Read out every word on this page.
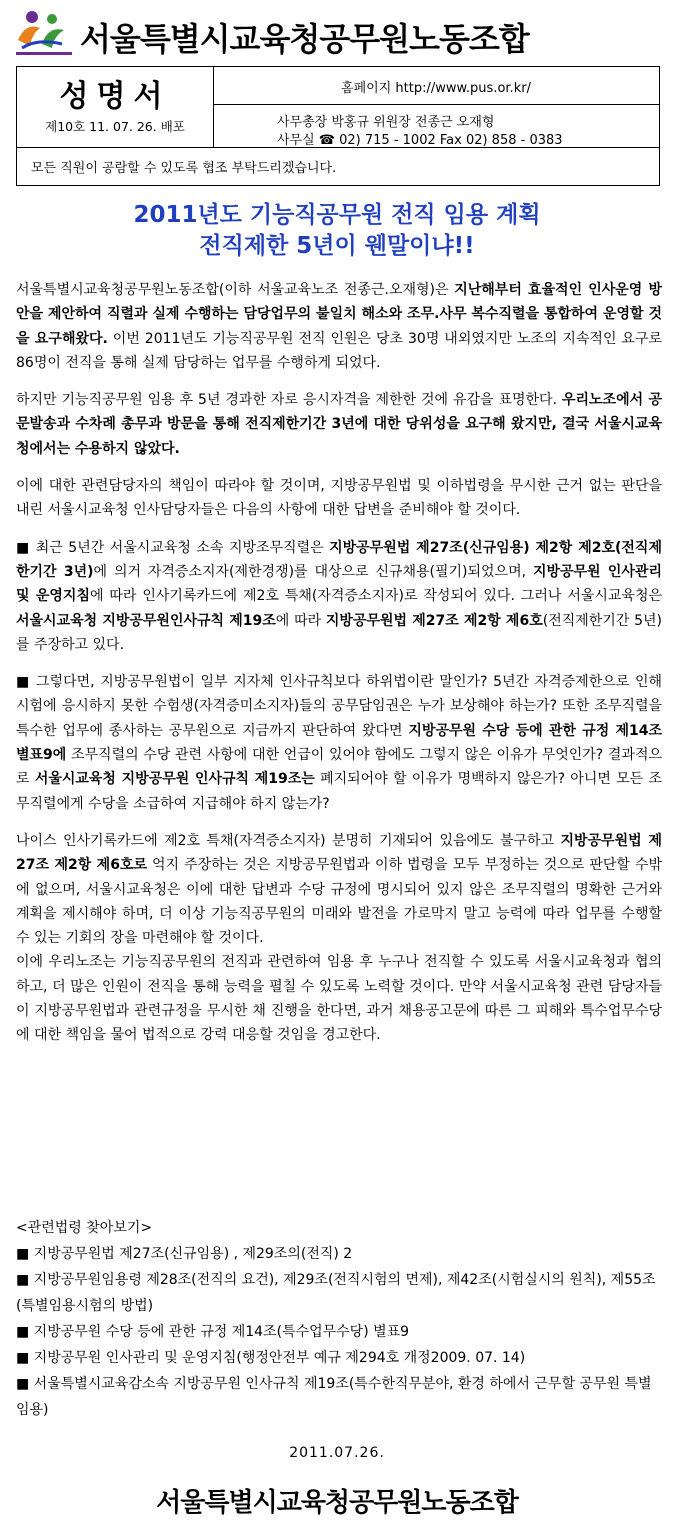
서울특별시교육청공무원노동조합
성명서
제10호 11. 07. 26. 배포
홈페이지 http://www.pus.or.kr/
사무총장 박홍규 위원장 전종근 오재형
사무실 ☎ 02) 715 - 1002 Fax 02) 858 - 0383
모든 직원이 공람할 수 있도록 협조 부탁드리겠습니다.
2011년도 기능직공무원 전직 임용 계획
전직제한 5년이 웬말이냐!!

서울특별시교육청공무원노동조합(이하 서울교육노조 전종근.오재형)은 지난해부터 효율적인 인사운영 방안을 제안하여 직렬과 실제 수행하는 담당업무의 불일치 해소와 조무.사무 복수직렬을 통합하여 운영할 것을 요구해왔다. 이번 2011년도 기능직공무원 전직 인원은 당초 30명 내외였지만 노조의 지속적인 요구로 86명이 전직을 통해 실제 담당하는 업무를 수행하게 되었다.

하지만 기능직공무원 임용 후 5년 경과한 자로 응시자격을 제한한 것에 유감을 표명한다. 우리노조에서 공문발송과 수차례 총무과 방문을 통해 전직제한기간 3년에 대한 당위성을 요구해 왔지만, 결국 서울시교육청에서는 수용하지 않았다.

이에 대한 관련담당자의 책임이 따라야 할 것이며, 지방공무원법 및 이하법령을 무시한 근거 없는 판단을 내린 서울시교육청 인사담당자들은 다음의 사항에 대한 답변을 준비해야 할 것이다.

■ 최근 5년간 서울시교육청 소속 지방조무직렬은 지방공무원법 제27조(신규임용) 제2항 제2호(전직제한기간 3년)에 의거 자격증소지자(제한경쟁)를 대상으로 신규채용(필기)되었으며, 지방공무원 인사관리 및 운영지침에 따라 인사기록카드에 제2호 특채(자격증소지자)로 작성되어 있다. 그러나 서울시교육청은 서울시교육청 지방공무원인사규칙 제19조에 따라 지방공무원법 제27조 제2항 제6호(전직제한기간 5년)를 주장하고 있다.

■ 그렇다면, 지방공무원법이 일부 지자체 인사규칙보다 하위법이란 말인가? 5년간 자격증제한으로 인해 시험에 응시하지 못한 수험생(자격증미소지자)들의 공무담임권은 누가 보상해야 하는가? 또한 조무직렬을 특수한 업무에 종사하는 공무원으로 지금까지 판단하여 왔다면 지방공무원 수당 등에 관한 규정 제14조 별표9에 조무직렬의 수당 관련 사항에 대한 언급이 있어야 함에도 그렇지 않은 이유가 무엇인가? 결과적으로 서울시교육청 지방공무원 인사규칙 제19조는 폐지되어야 할 이유가 명백하지 않은가? 아니면 모든 조무직렬에게 수당을 소급하여 지급해야 하지 않는가?

나이스 인사기록카드에 제2호 특채(자격증소지자) 분명히 기재되어 있음에도 불구하고 지방공무원법 제27조 제2항 제6호로 억지 주장하는 것은 지방공무원법과 이하 법령을 모두 부정하는 것으로 판단할 수밖에 없으며, 서울시교육청은 이에 대한 답변과 수당 규정에 명시되어 있지 않은 조무직렬의 명확한 근거와 계획을 제시해야 하며, 더 이상 기능직공무원의 미래와 발전을 가로막지 말고 능력에 따라 업무를 수행할 수 있는 기회의 장을 마련해야 할 것이다.

이에 우리노조는 기능직공무원의 전직과 관련하여 임용 후 누구나 전직할 수 있도록 서울시교육청과 협의하고, 더 많은 인원이 전직을 통해 능력을 펼칠 수 있도록 노력할 것이다. 만약 서울시교육청 관련 담당자들이 지방공무원법과 관련규정을 무시한 채 진행을 한다면, 과거 채용공고문에 따른 그 피해와 특수업무수당에 대한 책임을 물어 법적으로 강력 대응할 것임을 경고한다.

<관련법령 찾아보기>
■ 지방공무원법 제27조(신규임용) , 제29조의(전직) 2
■ 지방공무원임용령 제28조(전직의 요건), 제29조(전직시험의 면제), 제42조(시험실시의 원칙), 제55조(특별임용시험의 방법)
■ 지방공무원 수당 등에 관한 규정 제14조(특수업무수당) 별표9
■ 지방공무원 인사관리 및 운영지침(행정안전부 예규 제294호 개정2009. 07. 14)
■ 서울특별시교육감소속 지방공무원 인사규칙 제19조(특수한직무분야, 환경 하에서 근무할 공무원 특별임용)
2011.07.26.
서울특별시교육청공무원노동조합
